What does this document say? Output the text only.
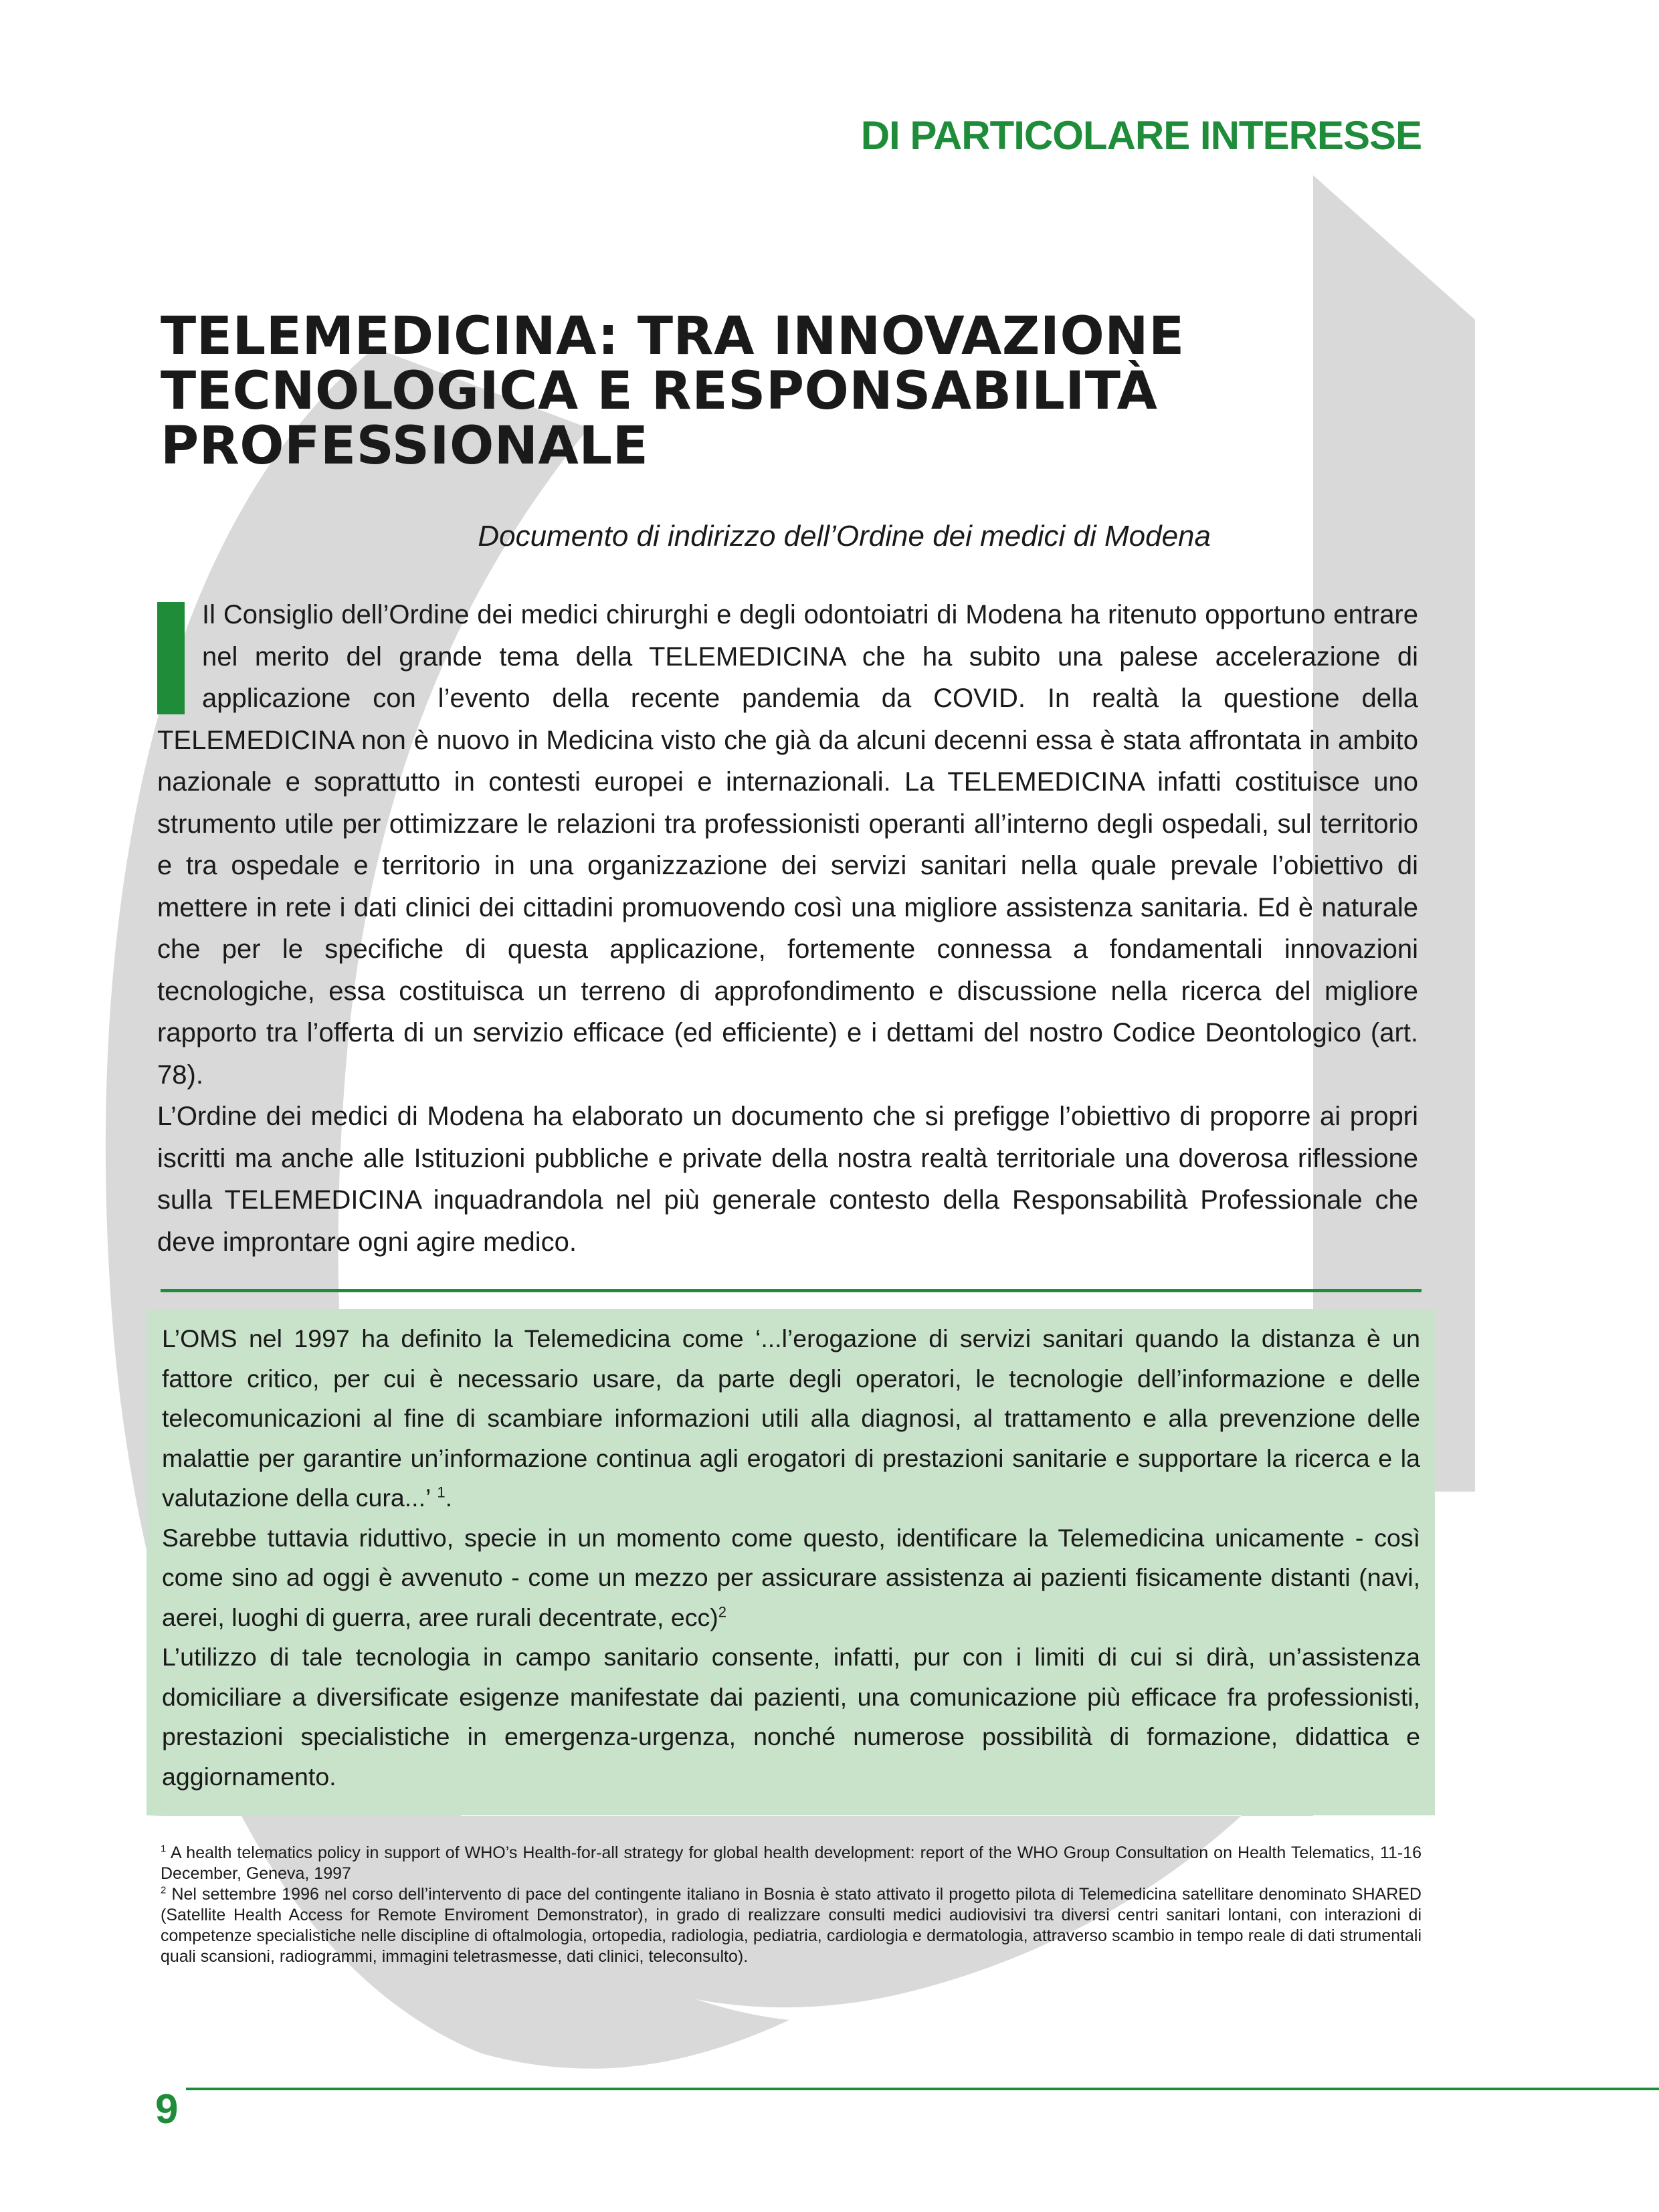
DI PARTICOLARE INTERESSE
TELEMEDICINA: TRA INNOVAZIONE
TECNOLOGICA E RESPONSABILITÀ
PROFESSIONALE
Documento di indirizzo dell’Ordine dei medici di Modena

Il Consiglio dell’Ordine dei medici chirurghi e degli odontoiatri di Modena ha ritenuto opportuno entrare nel merito del grande tema della TELEMEDICINA che ha subito una palese accelerazione di applicazione con l’evento della recente pandemia da COVID. In realtà la questione della TELEMEDICINA non è nuovo in Medicina visto che già da alcuni decenni essa è stata affrontata in ambito nazionale e soprattutto in contesti europei e internazionali. La TELEMEDICINA infatti costituisce uno strumento utile per ottimizzare le relazioni tra professionisti operanti all’interno degli ospedali, sul territorio e tra ospedale e territorio in una organizzazione dei servizi sanitari nella quale prevale l’obiettivo di mettere in rete i dati clinici dei cittadini promuovendo così una migliore assistenza sanitaria. Ed è naturale che per le specifiche di questa applicazione, fortemente connessa a fondamentali innovazioni tecnologiche, essa costituisca un terreno di approfondimento e discussione nella ricerca del migliore rapporto tra l’offerta di un servizio efficace (ed efficiente) e i dettami del nostro Codice Deontologico (art. 78).

L’Ordine dei medici di Modena ha elaborato un documento che si prefigge l’obiettivo di proporre ai propri iscritti ma anche alle Istituzioni pubbliche e private della nostra realtà territoriale una doverosa riflessione sulla TELEMEDICINA inquadrandola nel più generale contesto della Responsabilità Professionale che deve improntare ogni agire medico.

L’OMS nel 1997 ha definito la Telemedicina come ‘...l’erogazione di servizi sanitari quando la distanza è un fattore critico, per cui è necessario usare, da parte degli operatori, le tecnologie dell’informazione e delle telecomunicazioni al fine di scambiare informazioni utili alla diagnosi, al trattamento e alla prevenzione delle malattie per garantire un’informazione continua agli erogatori di prestazioni sanitarie e supportare la ricerca e la valutazione della cura...’ $^1$.

Sarebbe tuttavia riduttivo, specie in un momento come questo, identificare la Telemedicina unicamente - così come sino ad oggi è avvenuto - come un mezzo per assicurare assistenza ai pazienti fisicamente distanti (navi, aerei, luoghi di guerra, aree rurali decentrate, ecc)$^2$

L’utilizzo di tale tecnologia in campo sanitario consente, infatti, pur con i limiti di cui si dirà, un’assistenza domiciliare a diversificate esigenze manifestate dai pazienti, una comunicazione più efficace fra professionisti, prestazioni specialistiche in emergenza-urgenza, nonché numerose possibilità di formazione, didattica e aggiornamento.

$^1$ A health telematics policy in support of WHO’s Health-for-all strategy for global health development: report of the WHO Group Consultation on Health Telematics, 11-16 December, Geneva, 1997

$^2$ Nel settembre 1996 nel corso dell’intervento di pace del contingente italiano in Bosnia è stato attivato il progetto pilota di Telemedicina satellitare denominato SHARED (Satellite Health Access for Remote Enviroment Demonstrator), in grado di realizzare consulti medici audiovisivi tra diversi centri sanitari lontani, con interazioni di competenze specialistiche nelle discipline di oftalmologia, ortopedia, radiologia, pediatria, cardiologia e dermatologia, attraverso scambio in tempo reale di dati strumentali quali scansioni, radiogrammi, immagini teletrasmesse, dati clinici, teleconsulto).

9
